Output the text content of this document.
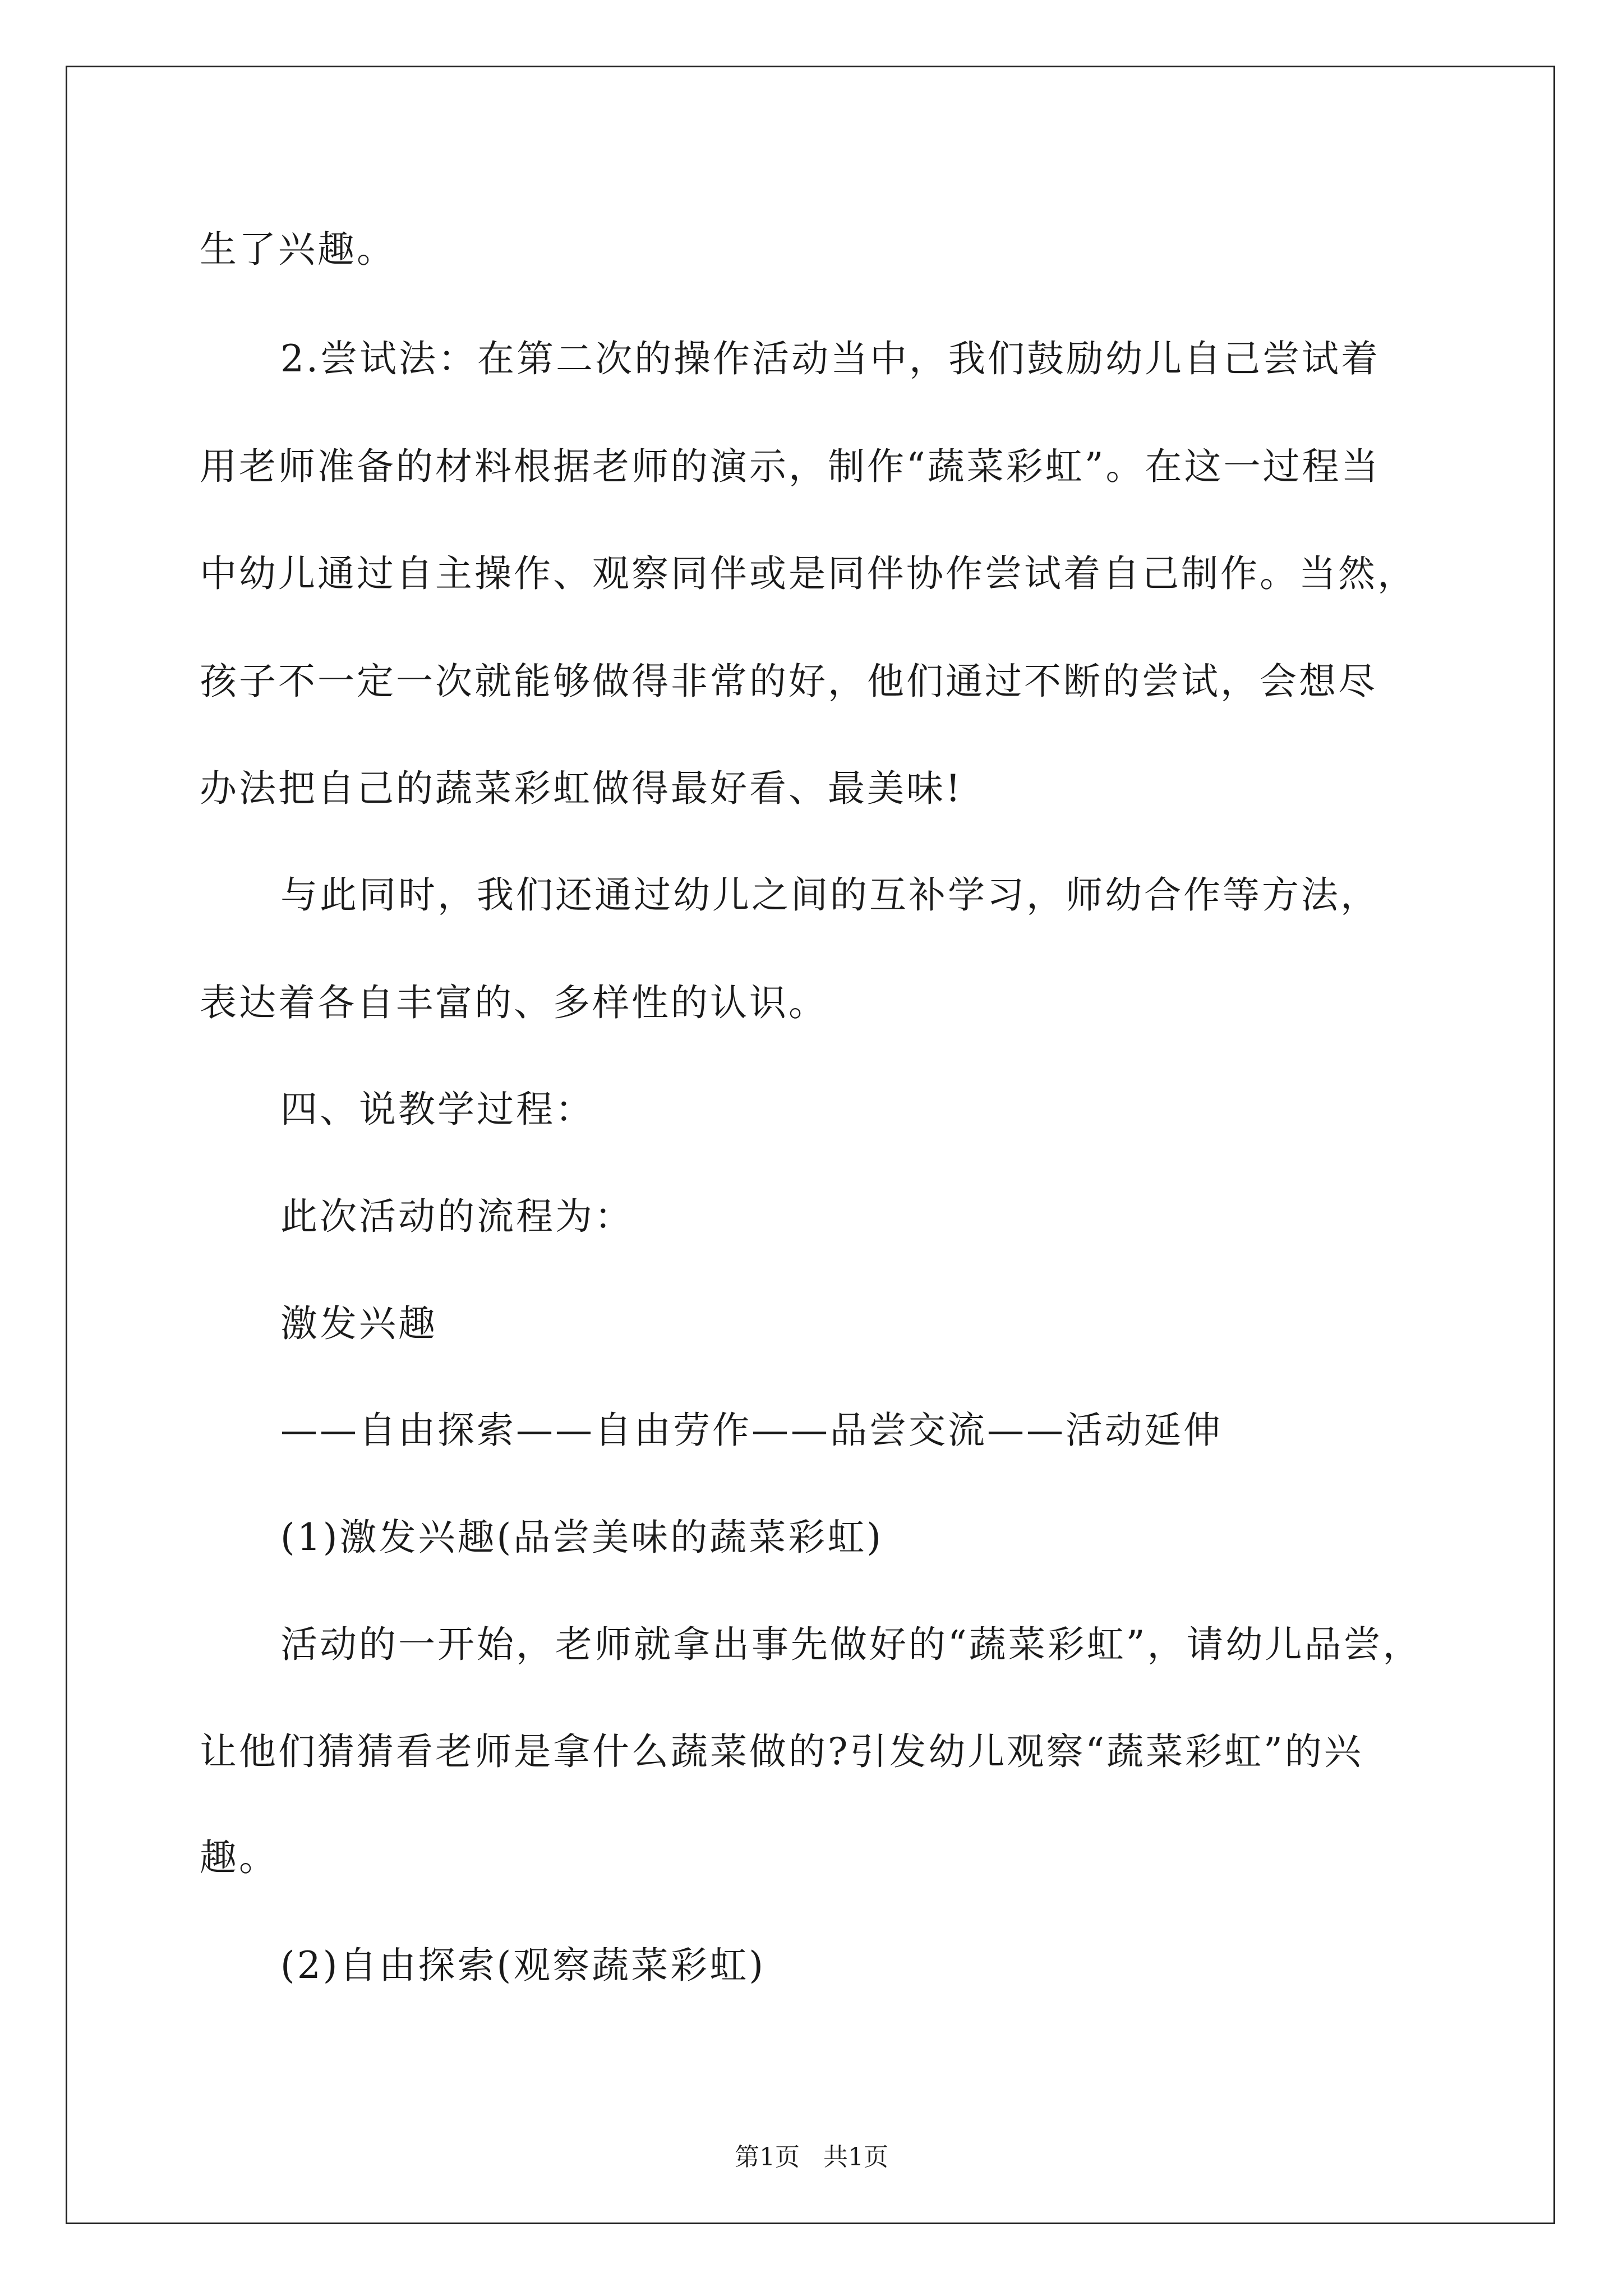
生了兴趣。
2.尝试法：在第二次的操作活动当中，我们鼓励幼儿自己尝试着
用老师准备的材料根据老师的演示，制作“蔬菜彩虹”。在这一过程当
中幼儿通过自主操作、观察同伴或是同伴协作尝试着自己制作。当然，
孩子不一定一次就能够做得非常的好，他们通过不断的尝试，会想尽
办法把自己的蔬菜彩虹做得最好看、最美味!
与此同时，我们还通过幼儿之间的互补学习，师幼合作等方法，
表达着各自丰富的、多样性的认识。
四、说教学过程：
此次活动的流程为：
激发兴趣
——自由探索——自由劳作——品尝交流——活动延伸
(1)激发兴趣(品尝美味的蔬菜彩虹)
活动的一开始，老师就拿出事先做好的“蔬菜彩虹”，请幼儿品尝，
让他们猜猜看老师是拿什么蔬菜做的?引发幼儿观察“蔬菜彩虹”的兴
趣。
(2)自由探索(观察蔬菜彩虹)
第1页 共1页
